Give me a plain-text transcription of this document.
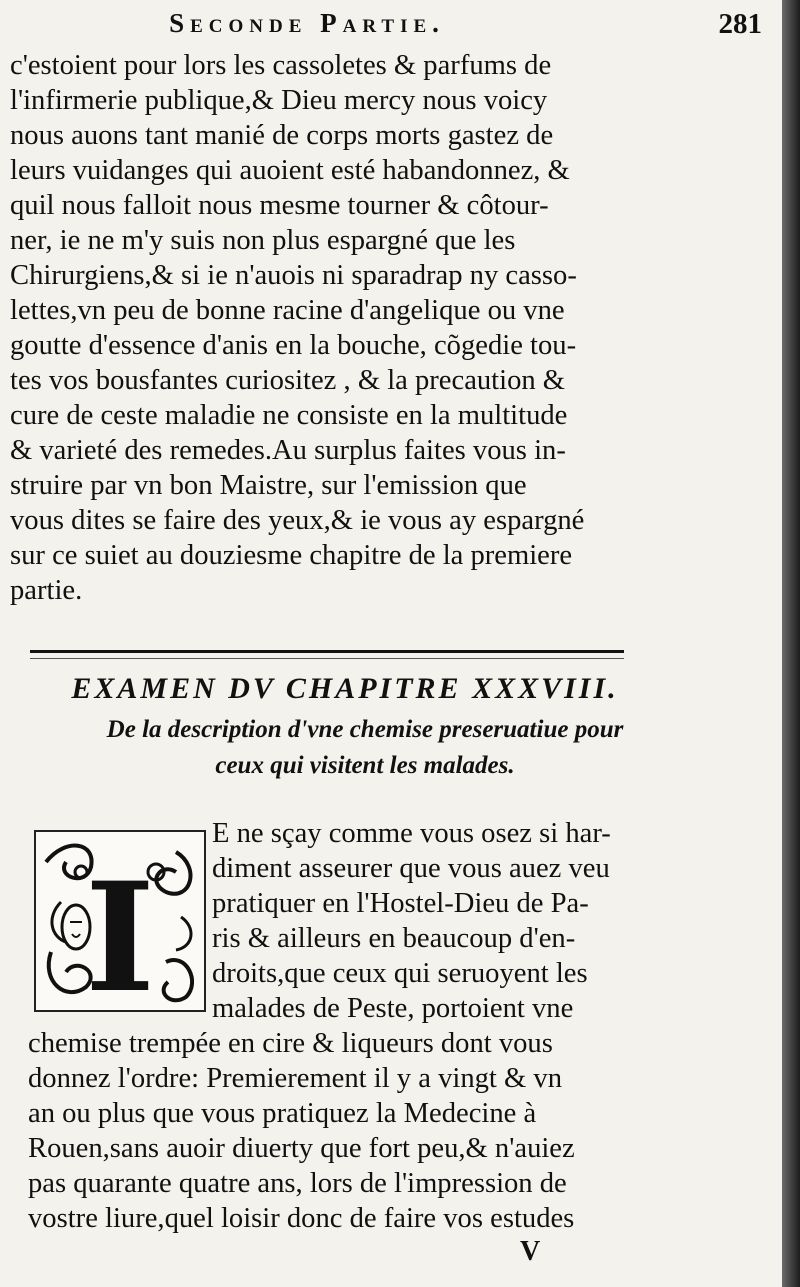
Seconde Partie.	281
c'estoient pour lors les cassoletes & parfums de
l'infirmerie publique,& Dieu mercy nous voicy
nous auons tant manié de corps morts gastez de
leurs vuidanges qui auoient esté habandonnez, &
quil nous falloit nous mesme tourner & côtour-
ner, ie ne m'y suis non plus espargné que les
Chirurgiens,& si ie n'auois ni sparadrap ny casso-
lettes,vn peu de bonne racine d'angelique ou vne
goutte d'essence d'anis en la bouche, cõgedie tou-
tes vos bousfantes curiositez , & la precaution &
cure de ceste maladie ne consiste en la multitude
& varieté des remedes.Au surplus faites vous in-
struire par vn bon Maistre, sur l'emission que
vous dites se faire des yeux,& ie vous ay espargné
sur ce suiet au douziesme chapitre de la premiere
partie.
EXAMEN DV CHAPITRE XXXVIII.
De la description d'vne chemise preseruatiue pour
ceux qui visitent les malades.
I
E ne sçay comme vous osez si har-
diment asseurer que vous auez veu
pratiquer en l'Hostel-Dieu de Pa-
ris & ailleurs en beaucoup d'en-
droits,que ceux qui seruoyent les
malades de Peste, portoient vne
chemise trempée en cire & liqueurs dont vous
donnez l'ordre: Premierement il y a vingt & vn
an ou plus que vous pratiquez la Medecine à
Rouen,sans auoir diuerty que fort peu,& n'auiez
pas quarante quatre ans, lors de l'impression de
vostre liure,quel loisir donc de faire vos estudes
V
